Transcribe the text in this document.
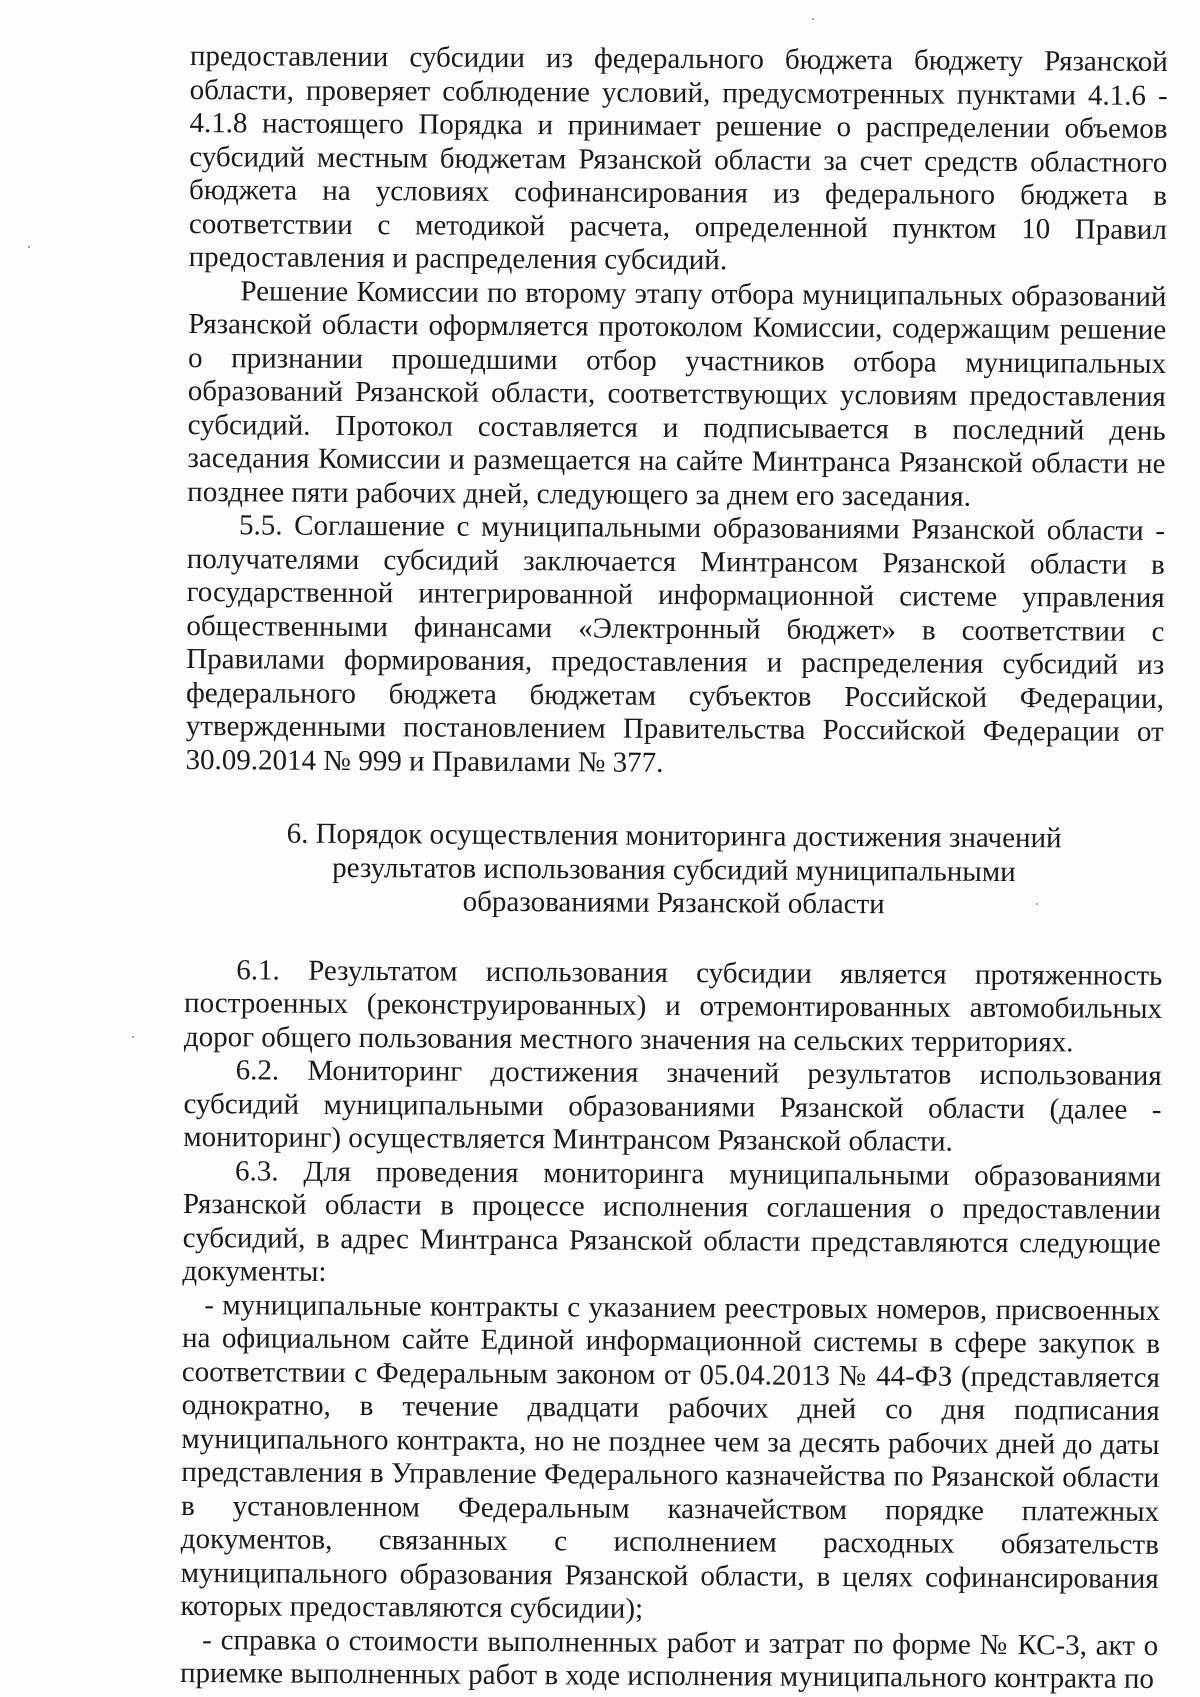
предоставлении субсидии из федерального бюджета бюджету Рязанской области, проверяет соблюдение условий, предусмотренных пунктами 4.1.6 - 4.1.8 настоящего Порядка и принимает решение о распределении объемов субсидий местным бюджетам Рязанской области за счет средств областного бюджета на условиях софинансирования из федерального бюджета в соответствии с методикой расчета, определенной пунктом 10 Правил предоставления и распределения субсидий.

Решение Комиссии по второму этапу отбора муниципальных образований Рязанской области оформляется протоколом Комиссии, содержащим решение о признании прошедшими отбор участников отбора муниципальных образований Рязанской области, соответствующих условиям предоставления субсидий. Протокол составляется и подписывается в последний день заседания Комиссии и размещается на сайте Минтранса Рязанской области не позднее пяти рабочих дней, следующего за днем его заседания.

5.5. Соглашение с муниципальными образованиями Рязанской области - получателями субсидий заключается Минтрансом Рязанской области в государственной интегрированной информационной системе управления общественными финансами «Электронный бюджет» в соответствии с Правилами формирования, предоставления и распределения субсидий из федерального бюджета бюджетам субъектов Российской Федерации, утвержденными постановлением Правительства Российской Федерации от 30.09.2014 № 999 и Правилами № 377.

6. Порядок осуществления мониторинга достижения значений
результатов использования субсидий муниципальными
образованиями Рязанской области

6.1. Результатом использования субсидии является протяженность построенных (реконструированных) и отремонтированных автомобильных дорог общего пользования местного значения на сельских территориях.

6.2. Мониторинг достижения значений результатов использования субсидий муниципальными образованиями Рязанской области (далее - мониторинг) осуществляется Минтрансом Рязанской области.

6.3. Для проведения мониторинга муниципальными образованиями Рязанской области в процессе исполнения соглашения о предоставлении субсидий, в адрес Минтранса Рязанской области представляются следующие документы:

- муниципальные контракты с указанием реестровых номеров, присвоенных на официальном сайте Единой информационной системы в сфере закупок в соответствии с Федеральным законом от 05.04.2013 № 44-ФЗ (представляется однократно, в течение двадцати рабочих дней со дня подписания муниципального контракта, но не позднее чем за десять рабочих дней до даты представления в Управление Федерального казначейства по Рязанской области в установленном Федеральным казначейством порядке платежных документов, связанных с исполнением расходных обязательств муниципального образования Рязанской области, в целях софинансирования которых предоставляются субсидии);

- справка о стоимости выполненных работ и затрат по форме № КС-3, акт о приемке выполненных работ в ходе исполнения муниципального контракта по
